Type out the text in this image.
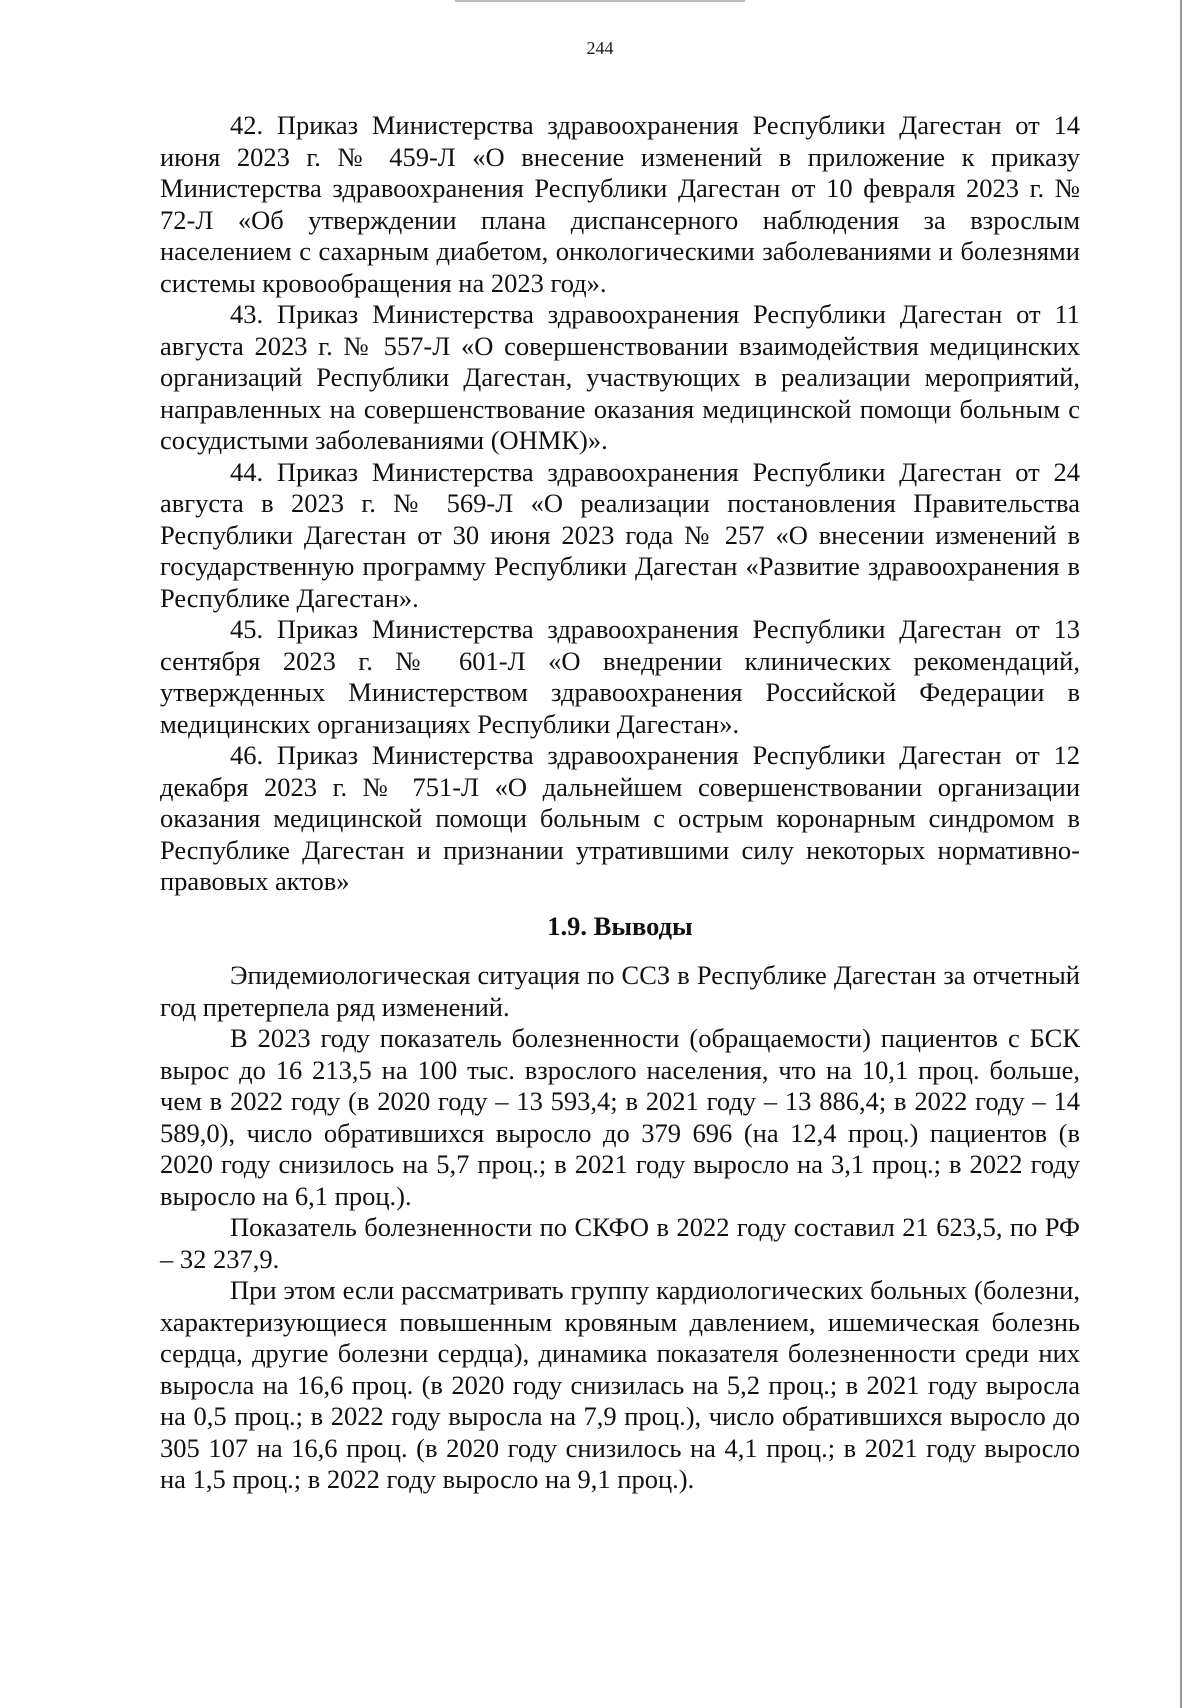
244

42. Приказ Министерства здравоохранения Республики Дагестан от 14 июня 2023 г. № 459-Л «О внесение изменений в приложение к приказу Министерства здравоохранения Республики Дагестан от 10 февраля 2023 г. № 72-Л «Об утверждении плана диспансерного наблюдения за взрослым населением с сахарным диабетом, онкологическими заболеваниями и болезнями системы кровообращения на 2023 год».

43. Приказ Министерства здравоохранения Республики Дагестан от 11 августа 2023 г. № 557-Л «О совершенствовании взаимодействия медицинских организаций Республики Дагестан, участвующих в реализации мероприятий, направленных на совершенствование оказания медицинской помощи больным с сосудистыми заболеваниями (ОНМК)».

44. Приказ Министерства здравоохранения Республики Дагестан от 24 августа в 2023 г. № 569-Л «О реализации постановления Правительства Республики Дагестан от 30 июня 2023 года № 257 «О внесении изменений в государственную программу Республики Дагестан «Развитие здравоохранения в Республике Дагестан».

45. Приказ Министерства здравоохранения Республики Дагестан от 13 сентября 2023 г. № 601-Л «О внедрении клинических рекомендаций, утвержденных Министерством здравоохранения Российской Федерации в медицинских организациях Республики Дагестан».

46. Приказ Министерства здравоохранения Республики Дагестан от 12 декабря 2023 г. № 751-Л «О дальнейшем совершенствовании организации оказания медицинской помощи больным с острым коронарным синдромом в Республике Дагестан и признании утратившими силу некоторых нормативно-правовых актов»

1.9. Выводы

Эпидемиологическая ситуация по ССЗ в Республике Дагестан за отчетный год претерпела ряд изменений.

В 2023 году показатель болезненности (обращаемости) пациентов с БСК вырос до 16 213,5 на 100 тыс. взрослого населения, что на 10,1 проц. больше, чем в 2022 году (в 2020 году – 13 593,4; в 2021 году – 13 886,4; в 2022 году – 14 589,0), число обратившихся выросло до 379 696 (на 12,4 проц.) пациентов (в 2020 году снизилось на 5,7 проц.; в 2021 году выросло на 3,1 проц.; в 2022 году выросло на 6,1 проц.).

Показатель болезненности по СКФО в 2022 году составил 21 623,5, по РФ – 32 237,9.

При этом если рассматривать группу кардиологических больных (болезни, характеризующиеся повышенным кровяным давлением, ишемическая болезнь сердца, другие болезни сердца), динамика показателя болезненности среди них выросла на 16,6 проц. (в 2020 году снизилась на 5,2 проц.; в 2021 году выросла на 0,5 проц.; в 2022 году выросла на 7,9 проц.), число обратившихся выросло до 305 107 на 16,6 проц. (в 2020 году снизилось на 4,1 проц.; в 2021 году выросло на 1,5 проц.; в 2022 году выросло на 9,1 проц.).
